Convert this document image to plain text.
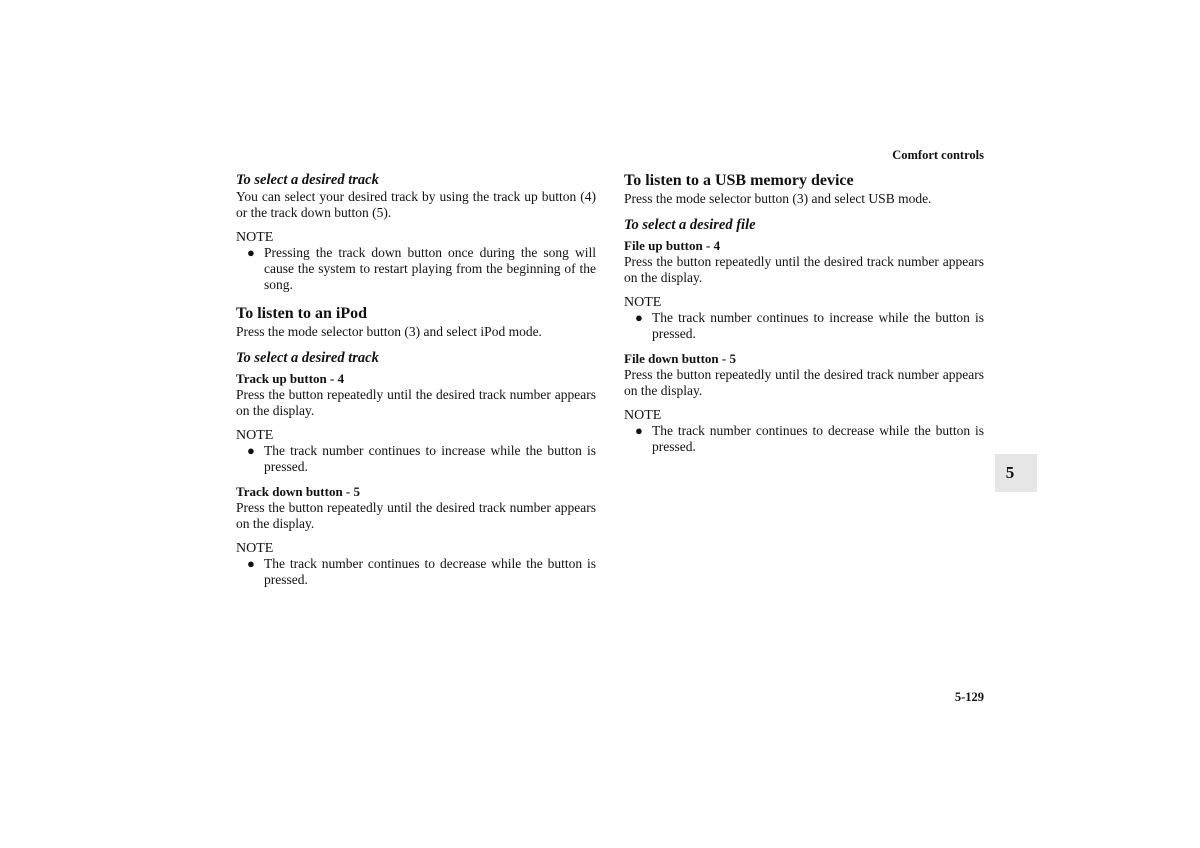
Comfort controls

To select a desired track

You can select your desired track by using the track up button (4) or the track down button (5).

NOTE

● Pressing the track down button once during the song will cause the system to restart playing from the beginning of the song.

To listen to an iPod

Press the mode selector button (3) and select iPod mode.

To select a desired track

Track up button - 4

Press the button repeatedly until the desired track number appears on the display.

NOTE

● The track number continues to increase while the button is pressed.

Track down button - 5

Press the button repeatedly until the desired track number appears on the display.

NOTE

● The track number continues to decrease while the button is pressed.

To listen to a USB memory device

Press the mode selector button (3) and select USB mode.

To select a desired file

File up button - 4

Press the button repeatedly until the desired track number appears on the display.

NOTE

● The track number continues to increase while the button is pressed.

File down button - 5

Press the button repeatedly until the desired track number appears on the display.

NOTE

● The track number continues to decrease while the button is pressed.

5
5-129
